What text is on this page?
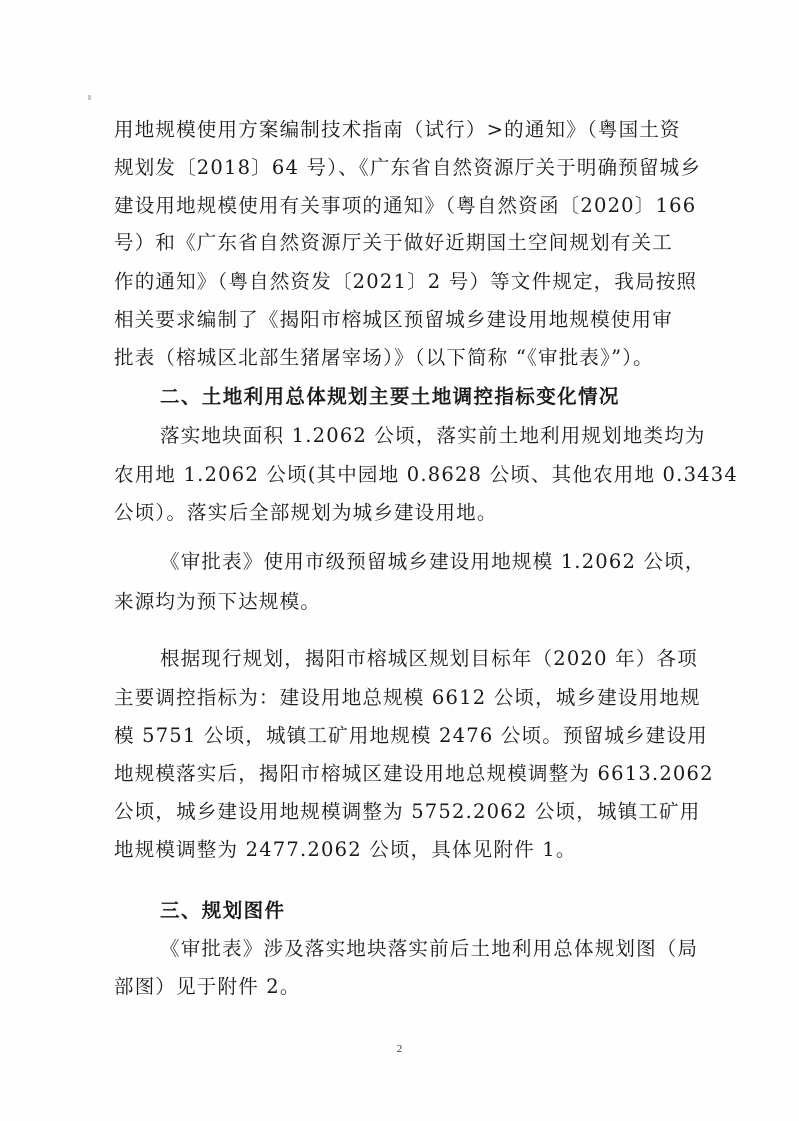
用地规模使用方案编制技术指南（试行）>的通知》（粤国土资
规划发〔2018〕64 号）、《广东省自然资源厅关于明确预留城乡
建设用地规模使用有关事项的通知》（粤自然资函〔2020〕166
号）和《广东省自然资源厅关于做好近期国土空间规划有关工
作的通知》（粤自然资发〔2021〕2 号）等文件规定，我局按照
相关要求编制了《揭阳市榕城区预留城乡建设用地规模使用审
批表（榕城区北部生猪屠宰场）》（以下简称 “《审批表》”）。
二、土地利用总体规划主要土地调控指标变化情况
落实地块面积 1.2062 公顷，落实前土地利用规划地类均为
农用地 1.2062 公顷(其中园地 0.8628 公顷、其他农用地 0.3434
公顷）。落实后全部规划为城乡建设用地。
《审批表》使用市级预留城乡建设用地规模 1.2062 公顷，
来源均为预下达规模。
根据现行规划，揭阳市榕城区规划目标年（2020 年）各项
主要调控指标为：建设用地总规模 6612 公顷，城乡建设用地规
模 5751 公顷，城镇工矿用地规模 2476 公顷。预留城乡建设用
地规模落实后，揭阳市榕城区建设用地总规模调整为 6613.2062
公顷，城乡建设用地规模调整为 5752.2062 公顷，城镇工矿用
地规模调整为 2477.2062 公顷，具体见附件 1。
三、规划图件
《审批表》涉及落实地块落实前后土地利用总体规划图（局
部图）见于附件 2。
2
